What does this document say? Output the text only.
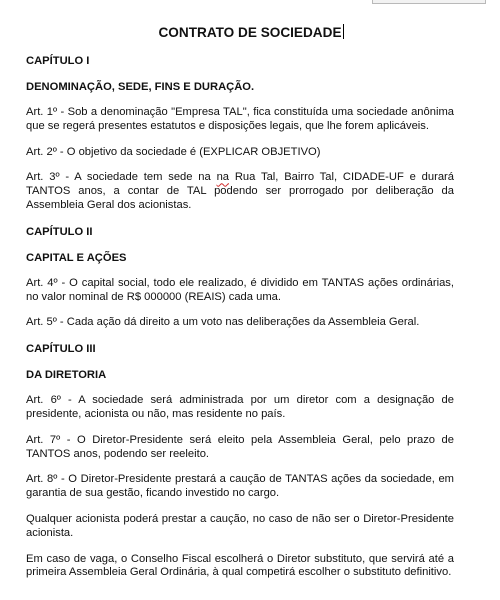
CONTRATO DE SOCIEDADE
CAPÍTULO I
DENOMINAÇÃO, SEDE, FINS E DURAÇÃO.

Art. 1º - Sob a denominação "Empresa TAL", fica constituída uma sociedade anônima que se regerá presentes estatutos e disposições legais, que lhe forem aplicáveis.

Art. 2º - O objetivo da sociedade é (EXPLICAR OBJETIVO)

Art. 3º - A sociedade tem sede na na Rua Tal, Bairro Tal, CIDADE-UF e durará TANTOS anos, a contar de TAL podendo ser prorrogado por deliberação da Assembleia Geral dos acionistas.

CAPÍTULO II
CAPITAL E AÇÕES

Art. 4º - O capital social, todo ele realizado, é dividido em TANTAS ações ordinárias, no valor nominal de R$ 000000 (REAIS) cada uma.

Art. 5º - Cada ação dá direito a um voto nas deliberações da Assembleia Geral.

CAPÍTULO III
DA DIRETORIA

Art. 6º - A sociedade será administrada por um diretor com a designação de presidente, acionista ou não, mas residente no país.

Art. 7º - O Diretor-Presidente será eleito pela Assembleia Geral, pelo prazo de TANTOS anos, podendo ser reeleito.

Art. 8º - O Diretor-Presidente prestará a caução de TANTAS ações da sociedade, em garantia de sua gestão, ficando investido no cargo.

Qualquer acionista poderá prestar a caução, no caso de não ser o Diretor-Presidente acionista.

Em caso de vaga, o Conselho Fiscal escolherá o Diretor substituto, que servirá até a primeira Assembleia Geral Ordinária, à qual competirá escolher o substituto definitivo.
